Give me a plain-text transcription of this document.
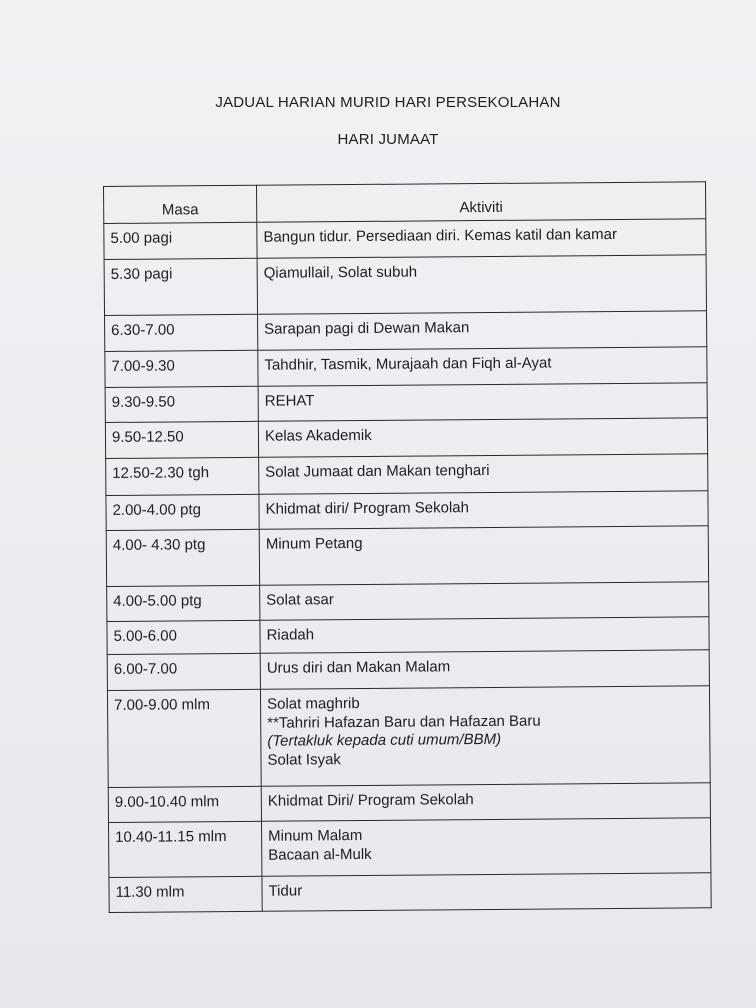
JADUAL HARIAN MURID HARI PERSEKOLAHAN
HARI JUMAAT
Masa	Aktiviti
5.00 pagi	Bangun tidur. Persediaan diri. Kemas katil dan kamar

5.30 pagi	Qiamullail, Solat subuh

6.30-7.00	Sarapan pagi di Dewan Makan

7.00-9.30	Tahdhir, Tasmik, Murajaah dan Fiqh al-Ayat

9.30-9.50	REHAT

9.50-12.50	Kelas Akademik

12.50-2.30 tgh	Solat Jumaat dan Makan tenghari

2.00-4.00 ptg	Khidmat diri/ Program Sekolah

4.00- 4.30 ptg	Minum Petang

4.00-5.00 ptg	Solat asar

5.00-6.00	Riadah

6.00-7.00	Urus diri dan Makan Malam

7.00-9.00 mlm	Solat maghrib
**Tahriri Hafazan Baru dan Hafazan Baru
(Tertakluk kepada cuti umum/BBM)
Solat Isyak

9.00-10.40 mlm	Khidmat Diri/ Program Sekolah

10.40-11.15 mlm	Minum Malam
Bacaan al-Mulk

11.30 mlm	Tidur
